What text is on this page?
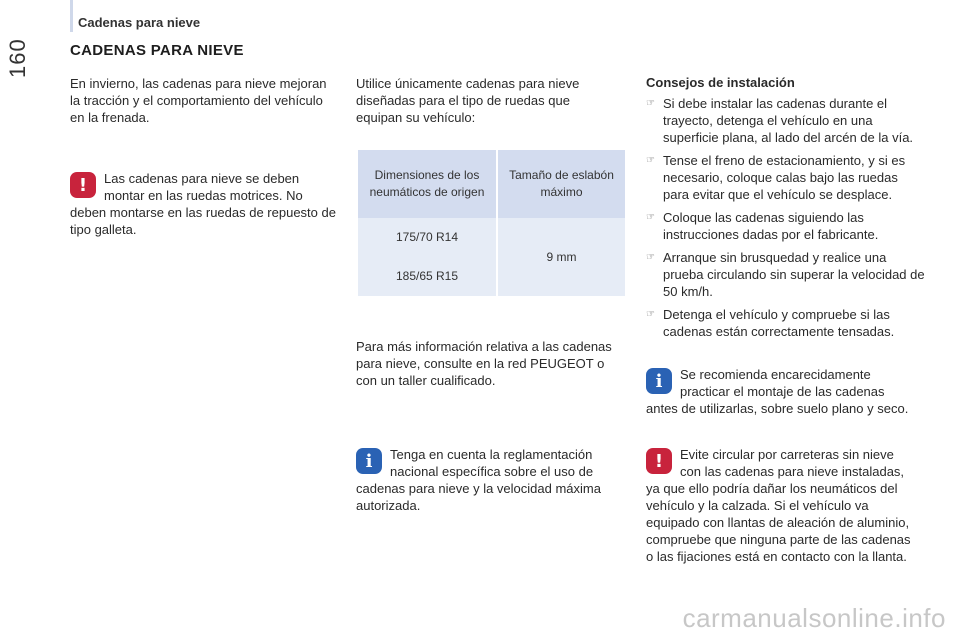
160
Cadenas para nieve
CADENAS PARA NIEVE

En invierno, las cadenas para nieve mejoran la tracción y el comportamiento del vehículo en la frenada.

!	Las cadenas para nieve se deben montar en las ruedas motrices. No deben montarse en las ruedas de repuesto de tipo galleta.

Utilice únicamente cadenas para nieve diseñadas para el tipo de ruedas que equipan su vehículo:

Dimensiones de los neumáticos de origen	Tamaño de eslabón máximo
175/70 R14	9 mm
185/65 R15	

Para más información relativa a las cadenas para nieve, consulte en la red PEUGEOT o con un taller cualificado.

i	Tenga en cuenta la reglamentación nacional específica sobre el uso de cadenas para nieve y la velocidad máxima autorizada.
Consejos de instalación
☞ Si debe instalar las cadenas durante el trayecto, detenga el vehículo en una superficie plana, al lado del arcén de la vía.
☞ Tense el freno de estacionamiento, y si es necesario, coloque calas bajo las ruedas para evitar que el vehículo se desplace.
☞ Coloque las cadenas siguiendo las instrucciones dadas por el fabricante.
☞ Arranque sin brusquedad y realice una prueba circulando sin superar la velocidad de 50 km/h.
☞ Detenga el vehículo y compruebe si las cadenas están correctamente tensadas.
i	Se recomienda encarecidamente practicar el montaje de las cadenas antes de utilizarlas, sobre suelo plano y seco.
!	Evite circular por carreteras sin nieve con las cadenas para nieve instaladas, ya que ello podría dañar los neumáticos del vehículo y la calzada. Si el vehículo va equipado con llantas de aleación de aluminio, compruebe que ninguna parte de las cadenas o las fijaciones está en contacto con la llanta.
carmanualsonline.info
